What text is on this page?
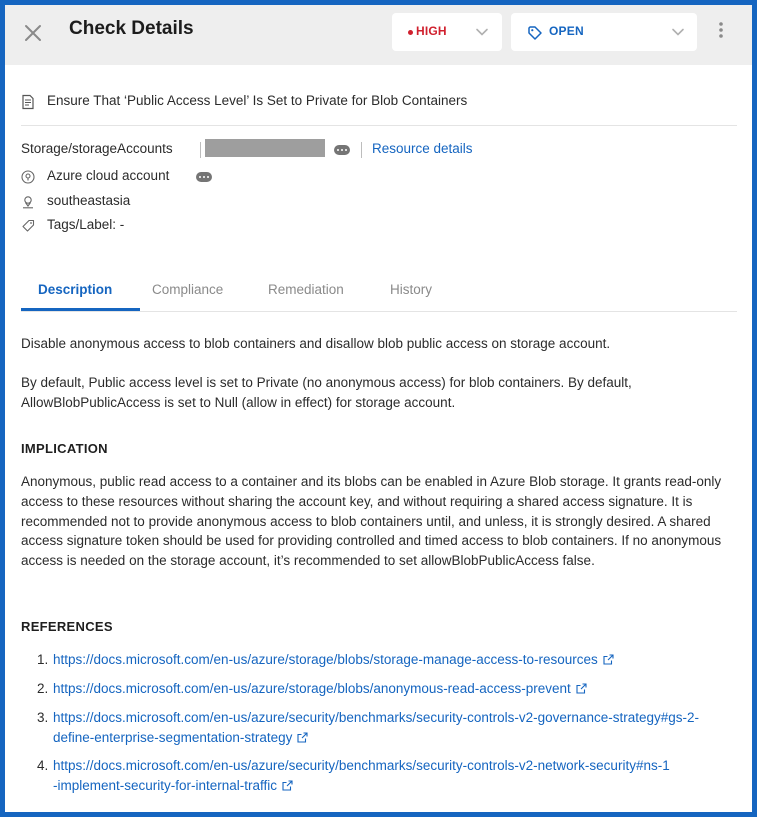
Check Details	HIGH	OPEN
Ensure That ‘Public Access Level’ Is Set to Private for Blob Containers
Storage/storageAccounts	Resource details
Azure cloud account
southeastasia
Tags/Label: -
Description	Compliance	Remediation	History
Disable anonymous access to blob containers and disallow blob public access on storage account.
By default, Public access level is set to Private (no anonymous access) for blob containers. By default, AllowBlobPublicAccess is set to Null (allow in effect) for storage account.
IMPLICATION
Anonymous, public read access to a container and its blobs can be enabled in Azure Blob storage. It grants read-only access to these resources without sharing the account key, and without requiring a shared access signature. It is recommended not to provide anonymous access to blob containers until, and unless, it is strongly desired. A shared access signature token should be used for providing controlled and timed access to blob containers. If no anonymous access is needed on the storage account, it’s recommended to set allowBlobPublicAccess false.
REFERENCES
1. https://docs.microsoft.com/en-us/azure/storage/blobs/storage-manage-access-to-resources
2. https://docs.microsoft.com/en-us/azure/storage/blobs/anonymous-read-access-prevent
3. https://docs.microsoft.com/en-us/azure/security/benchmarks/security-controls-v2-governance-strategy#gs-2-define-enterprise-segmentation-strategy
4. https://docs.microsoft.com/en-us/azure/security/benchmarks/security-controls-v2-network-security#ns-1-implement-security-for-internal-traffic
